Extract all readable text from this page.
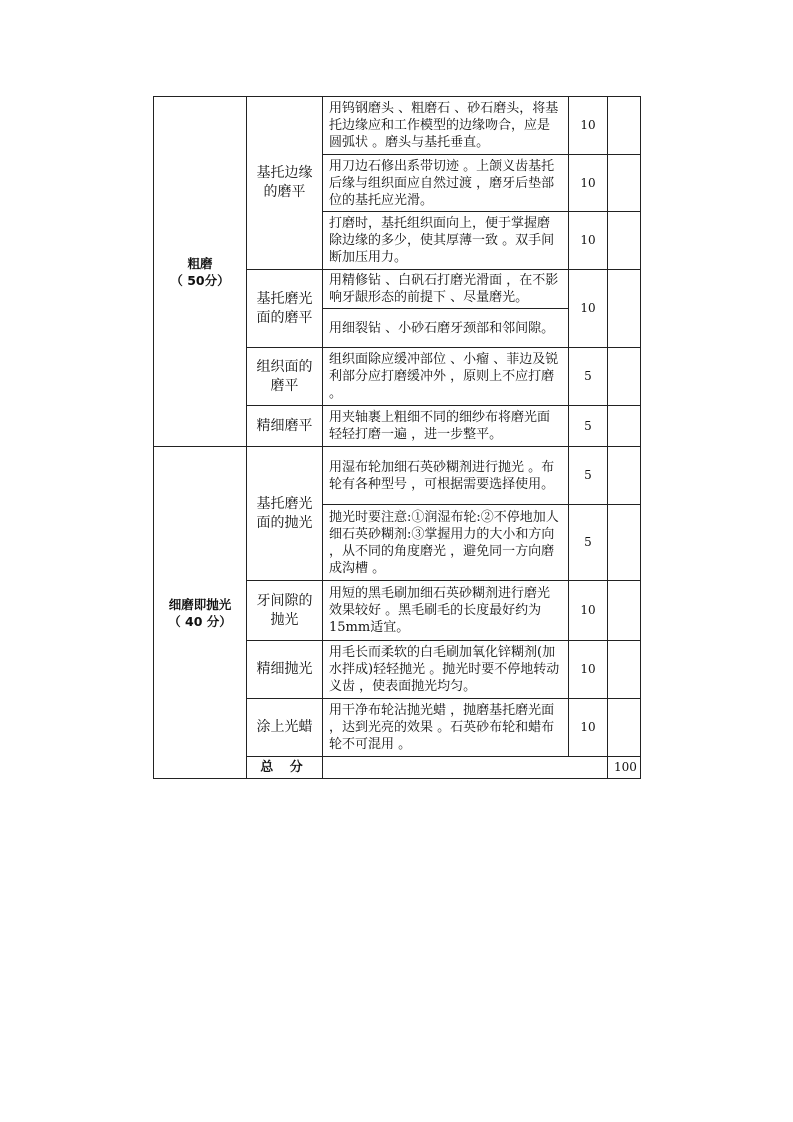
粗磨
（ 50分）	基托边缘的磨平	用钨钢磨头 、粗磨石 、砂石磨头，将基托边缘应和工作模型的边缘吻合，应是圆弧状 。磨头与基托垂直。	10		
		用刀边石修出系带切迹 。上颌义齿基托后缘与组织面应自然过渡 ，磨牙后垫部位的基托应光滑。	10		
		打磨时，基托组织面向上，便于掌握磨除边缘的多少，使其厚薄一致 。双手间断加压用力。	10		
	基托磨光面的磨平	用精修钻 、白矾石打磨光滑面 ，在不影响牙龈形态的前提下 、尽量磨光。	10		
		用细裂钻 、小砂石磨牙颈部和邻间隙。			
	组织面的磨平	组织面除应缓冲部位 、小瘤 、菲边及锐利部分应打磨缓冲外 ，原则上不应打磨 。	5		
	精细磨平	用夹轴裹上粗细不同的细纱布将磨光面轻轻打磨一遍 ，进一步整平。	5		

细磨即抛光
（ 40 分）	基托磨光面的抛光	用湿布轮加细石英砂糊剂进行抛光 。布轮有各种型号 ，可根据需要选择使用。	5		
		抛光时要注意:①润湿布轮:②不停地加人细石英砂糊剂:③掌握用力的大小和方向 ，从不同的角度磨光 ，避免同一方向磨成沟槽 。	5		
	牙间隙的抛光	用短的黑毛刷加细石英砂糊剂进行磨光效果较好 。黑毛刷毛的长度最好约为15mm适宜。	10		
	精细抛光	用毛长而柔软的白毛刷加氧化锌糊剂(加水拌成)轻轻抛光 。抛光时要不停地转动义齿 ，使表面抛光均匀。	10		
	涂上光蜡	用干净布轮沾抛光蜡 ，抛磨基托磨光面 ，达到光亮的效果 。石英砂布轮和蜡布轮不可混用 。	10		
	总 分			100	
